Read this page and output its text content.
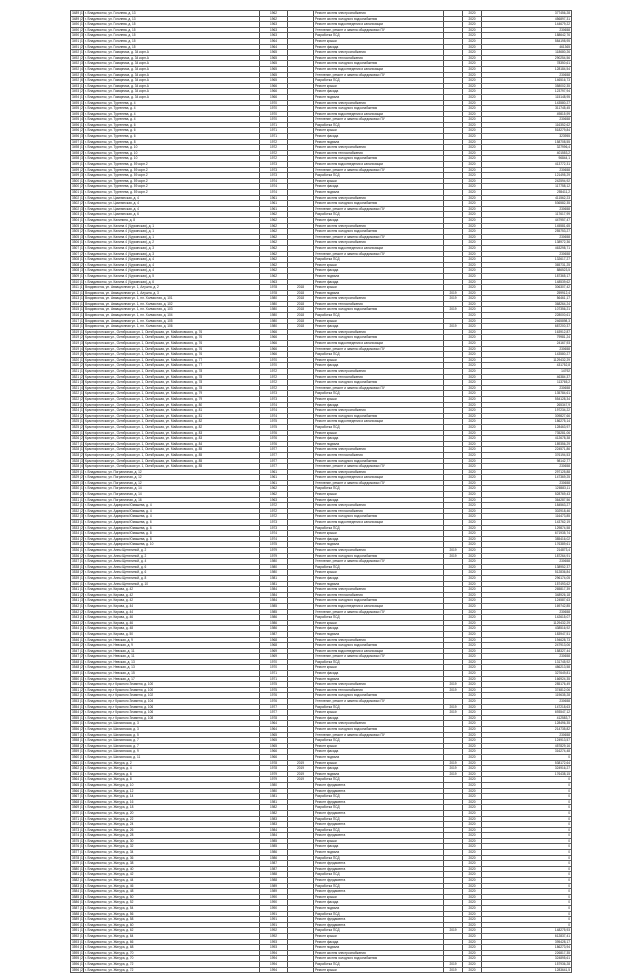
3489 (1)	г. Владивосток, ул. Гоголева, д. 13	1962		Ремонт систем электроснабжения		2020	377456,28
3489 (2)	г. Владивосток, ул. Гоголева, д. 13	1962		Ремонт систем холодного водоснабжения		2020	456897,31
3490 (1)	г. Владивосток, ул. Гоголева, д. 15	1963		Ремонт систем водоотведения и канализации		2020	144679,22
3490 (2)	г. Владивосток, ул. Гоголева, д. 15	1963		Утепление, ремонт и замена общедомовых ПУ		2020	230658
3490 (3)	г. Владивосток, ул. Гоголева, д. 15	1963		Разработка ПСД		2020	188642,76
3491 (1)	г. Владивосток, ул. Гоголева, д. 15	1964		Ремонт крыши		2020	584198,95
3491 (2)	г. Владивосток, ул. Гоголева, д. 15	1964		Ремонт фасада		2020	461365
3492 (1)	г. Владивосток, ул. Гамарника, д. 34 корп.А	1965		Ремонт систем электроснабжения		2020	118680,26
3492 (2)	г. Владивосток, ул. Гамарника, д. 34 корп.А	1965		Ремонт систем теплоснабжения		2020	290254,56
3492 (3)	г. Владивосток, ул. Гамарника, д. 34 корп.А	1965		Ремонт систем холодного водоснабжения		2020	78350,61
3492 (4)	г. Владивосток, ул. Гамарника, д. 34 корп.А	1965		Ремонт систем водоотведения и канализации		2020	128184,54
3492 (5)	г. Владивосток, ул. Гамарника, д. 34 корп.А	1965		Утепление, ремонт и замена общедомовых ПУ		2020	230658
3492 (6)	г. Владивосток, ул. Гамарника, д. 34 корп.А	1965		Разработка ПСД		2020	146516,73
3493 (1)	г. Владивосток, ул. Гамарника, д. 34 корп.А	1966		Ремонт крыши		2020	358002,35
3493 (2)	г. Владивосток, ул. Гамарника, д. 34 корп.А	1966		Ремонт фасада		2020	123797,94
3494 (1)	г. Владивосток, ул. Гамарника, д. 34 корп.А	1966		Ремонт подвала		2020	115148,95
3495 (1)	г. Владивосток, ул. Тургенева, д. 4	1970		Ремонт систем электроснабжения		2020	143580,27
3495 (2)	г. Владивосток, ул. Тургенева, д. 4	1970		Ремонт систем холодного водоснабжения		2020	311745,45
3495 (3)	г. Владивосток, ул. Тургенева, д. 4	1970		Ремонт систем водоотведения и канализации		2020	49815,99
3495 (4)	г. Владивосток, ул. Тургенева, д. 4	1970		Утепление, ремонт и замена общедомовых ПУ		2020	230658
3496 (1)	г. Владивосток, ул. Тургенева, д. 6	1971		Разработка ПСД		2020	116352,62
3496 (2)	г. Владивосток, ул. Тургенева, д. 6	1971		Ремонт крыши		2020	518279,84
3496 (3)	г. Владивосток, ул. Тургенева, д. 6	1971		Ремонт фасада		2020	323955
3497 (1)	г. Владивосток, ул. Тургенева, д. 8	1972		Ремонт подвала		2020	158708,55
3498 (1)	г. Владивосток, ул. Тургенева, д. 10	1972		Ремонт систем электроснабжения		2020	327996,4
3498 (2)	г. Владивосток, ул. Тургенева, д. 10	1972		Ремонт систем теплоснабжения		2020	401553,2
3498 (3)	г. Владивосток, ул. Тургенева, д. 10	1972		Ремонт систем холодного водоснабжения		2020	96844,1
3499 (1)	г. Владивосток, ул. Тургенева, д. 59 корп.2	1973		Ремонт систем водоотведения и канализации		2020	413772,31
3499 (2)	г. Владивосток, ул. Тургенева, д. 59 корп.2	1973		Утепление, ремонт и замена общедомовых ПУ		2020	230658
3499 (3)	г. Владивосток, ул. Тургенева, д. 59 корп.2	1973		Разработка ПСД		2020	121495,29
3500 (1)	г. Владивосток, ул. Тургенева, д. 59 корп.2	1974		Ремонт крыши		2020	242594,92
3500 (2)	г. Владивосток, ул. Тургенева, д. 59 корп.2	1974		Ремонт фасада		2020	117758,12
3501 (1)	г. Владивосток, ул. Тургенева, д. 59 корп.2	1974		Ремонт подвала		2020	255411,2
3502 (1)	г. Владивосток, ул. Цимлянская, д. 4	1961		Ремонт систем электроснабжения		2020	411562,23
3502 (2)	г. Владивосток, ул. Цимлянская, д. 4	1961		Ремонт систем холодного водоснабжения		2020	536582,35
3502 (3)	г. Владивосток, ул. Цимлянская, д. 4	1961		Утепление, ремонт и замена общедомовых ПУ		2020	230658
3503 (1)	г. Владивосток, ул. Цимлянская, д. 6	1962		Разработка ПСД		2020	117617,99
3504 (1)	г. Владивосток, ул. Калинина, д. 8	1962		Ремонт фасада		2020	447957,47
3505 (1)	г. Владивосток, ул. Калина 4 (Чуркинская), д. 1	1962		Ремонт систем электроснабжения		2020	145581,65
3505 (2)	г. Владивосток, ул. Калина 4 (Чуркинская), д. 1	1962		Ремонт систем холодного водоснабжения		2020	255753,27
3505 (3)	г. Владивосток, ул. Калина 4 (Чуркинская), д. 1	1962		Утепление, ремонт и замена общедомовых ПУ		2020	230658
3506 (1)	г. Владивосток, ул. Калина 4 (Чуркинская), д. 2	1962		Ремонт систем электроснабжения		2020	138972,36
3507 (1)	г. Владивосток, ул. Калина 4 (Чуркинская), д. 3	1962		Ремонт систем водоотведения и канализации		2020	463298,71
3507 (2)	г. Владивосток, ул. Калина 4 (Чуркинская), д. 3	1962		Утепление, ремонт и замена общедомовых ПУ		2020	230658
3508 (1)	г. Владивосток, ул. Калина 4 (Чуркинская), д. 4	1962		Разработка ПСД		2020	132617,27
3508 (2)	г. Владивосток, ул. Калина 4 (Чуркинская), д. 4	1962		Ремонт крыши		2020	365731,25
3508 (3)	г. Владивосток, ул. Калина 4 (Чуркинская), д. 4	1962		Ремонт фасада		2020	886523,5
3509 (1)	г. Владивосток, ул. Калина 4 (Чуркинская), д. 5	1962		Ремонт подвала		2020	187365,17
3510 (1)	г. Владивосток, ул. Калина 4 (Чуркинская), д. 6	1963		Ремонт фасада		2020	148539,62
3511 (1)	Владивосток, ул. Авиационная ул. 1, Алушта, д. 2	1978	2018	Ремонт крыши		2020	306307,42
3512 (1)	Владивосток, ул. Авиационная ул. 1, Алушта, д. 3	1978	2018	Ремонт подвала	2019	2020	259912,4
3513 (1)	Владивосток, ул. Авиационная ул. 1, пл. Холмистая, д. 101	1980	2018	Ремонт систем электроснабжения	2019	2020	56461,17
3514 (1)	Владивосток, ул. Авиационная ул. 1, пл. Холмистая, д. 102	1980	2018	Ремонт систем теплоснабжения		2020	368264,24
3515 (1)	Владивосток, ул. Авиационная ул. 1, пл. Холмистая, д. 103	1980	2018	Ремонт систем холодного водоснабжения	2019	2020	107356,21
3516 (1)	Владивосток, ул. Авиационная ул. 1, пл. Холмистая, д. 104	1980	2018	Разработка ПСД		2020	228000,61
3517 (1)	Владивосток, ул. Авиационная ул. 1, пл. Холмистая, д. 105	1980	2018	Ремонт крыши		2020	2465898,3
3518 (1)	Владивосток, ул. Авиационная ул. 1, пл. Холмистая, д. 106	1980	2018	Ремонт фасада	2019	2020	687200,37
3519 (1)	Краснофлотская ул., Октябрьская ул. 1, Октябрьская, ул. Майкоповского, д. 76	1966		Ремонт систем электроснабжения		2020	163912,87
3519 (2)	Краснофлотская ул., Октябрьская ул. 1, Октябрьская, ул. Майкоповского, д. 76	1966		Ремонт систем холодного водоснабжения		2020	79981,24
3519 (3)	Краснофлотская ул., Октябрьская ул. 1, Октябрьская, ул. Майкоповского, д. 76	1966		Ремонт систем водоотведения и канализации		2020	24167,93
3519 (4)	Краснофлотская ул., Октябрьская ул. 1, Октябрьская, ул. Майкоповского, д. 76	1966		Утепление, ремонт и замена общедомовых ПУ		2020	230658
3519 (5)	Краснофлотская ул., Октябрьская ул. 1, Октябрьская, ул. Майкоповского, д. 76	1966		Разработка ПСД		2020	143580,27
3520 (1)	Краснофлотская ул., Октябрьская ул. 1, Октябрьская, ул. Майкоповского, д. 77	1970		Ремонт крыши		2020	1129432,29
3520 (2)	Краснофлотская ул., Октябрьская ул. 1, Октябрьская, ул. Майкоповского, д. 77	1970		Ремонт фасада		2020	431752,8
3521 (1)	Краснофлотская ул., Октябрьская ул. 1, Октябрьская, ул. Майкоповского, д. 78	1972		Ремонт систем электроснабжения		2020	14792
3521 (2)	Краснофлотская ул., Октябрьская ул. 1, Октябрьская, ул. Майкоповского, д. 78	1972		Ремонт систем теплоснабжения		2020	46384,37
3521 (3)	Краснофлотская ул., Октябрьская ул. 1, Октябрьская, ул. Майкоповского, д. 78	1972		Ремонт систем холодного водоснабжения		2020	113765,2
3521 (4)	Краснофлотская ул., Октябрьская ул. 1, Октябрьская, ул. Майкоповского, д. 78	1972		Утепление, ремонт и замена общедомовых ПУ		2020	230658
3522 (1)	Краснофлотская ул., Октябрьская ул. 1, Октябрьская, ул. Майкоповского, д. 79	1973		Разработка ПСД		2020	135784,61
3522 (2)	Краснофлотская ул., Октябрьская ул. 1, Октябрьская, ул. Майкоповского, д. 79	1973		Ремонт крыши		2020	554128,34
3523 (1)	Краснофлотская ул., Октябрьская ул. 1, Октябрьская, ул. Майкоповского, д. 80	1974		Ремонт фасада		2020	265347,9
3524 (1)	Краснофлотская ул., Октябрьская ул. 1, Октябрьская, ул. Майкоповского, д. 81	1974		Ремонт систем электроснабжения		2020	197234,22
3524 (2)	Краснофлотская ул., Октябрьская ул. 1, Октябрьская, ул. Майкоповского, д. 81	1974		Ремонт систем холодного водоснабжения		2020	309827,66
3525 (1)	Краснофлотская ул., Октябрьская ул. 1, Октябрьская, ул. Майкоповского, д. 82	1975		Ремонт систем водоотведения и канализации		2020	186275,14
3525 (2)	Краснофлотская ул., Октябрьская ул. 1, Октябрьская, ул. Майкоповского, д. 82	1975		Разработка ПСД		2020	128463,97
3526 (1)	Краснофлотская ул., Октябрьская ул. 1, Октябрьская, ул. Майкоповского, д. 83	1976		Ремонт крыши		2020	735281,06
3526 (2)	Краснофлотская ул., Октябрьская ул. 1, Октябрьская, ул. Майкоповского, д. 83	1976		Ремонт фасада		2020	412678,38
3527 (1)	Краснофлотская ул., Октябрьская ул. 1, Октябрьская, ул. Майкоповского, д. 84	1976		Ремонт подвала		2020	189356,29
3528 (1)	Краснофлотская ул., Октябрьская ул. 1, Октябрьская, ул. Майкоповского, д. 85	1977		Ремонт систем электроснабжения		2020	224571,86
3528 (2)	Краснофлотская ул., Октябрьская ул. 1, Октябрьская, ул. Майкоповского, д. 85	1977		Ремонт систем теплоснабжения		2020	376194,53
3528 (3)	Краснофлотская ул., Октябрьская ул. 1, Октябрьская, ул. Майкоповского, д. 85	1977		Ремонт систем холодного водоснабжения		2020	98142,77
3528 (4)	Краснофлотская ул., Октябрьская ул. 1, Октябрьская, ул. Майкоповского, д. 85	1977		Утепление, ремонт и замена общедомовых ПУ		2020	230658
3529 (1)	г. Владивосток, ул. Пограничная, д. 12	1961		Ремонт систем электроснабжения		2020	297125,88
3529 (2)	г. Владивосток, ул. Пограничная, д. 12	1961		Ремонт систем водоотведения и канализации		2020	147369,25
3529 (3)	г. Владивосток, ул. Пограничная, д. 12	1961		Утепление, ремонт и замена общедомовых ПУ		2020	230658
3530 (1)	г. Владивосток, ул. Пограничная, д. 14	1962		Разработка ПСД		2020	126583,11
3530 (2)	г. Владивосток, ул. Пограничная, д. 14	1962		Ремонт крыши		2020	528769,43
3531 (1)	г. Владивосток, ул. Пограничная, д. 16	1963		Ремонт фасада		2020	364287,56
3532 (1)	г. Владивосток, ул. Адмирала Юмашева, д. 4	1972		Ремонт систем электроснабжения		2020	184563,27
3532 (2)	г. Владивосток, ул. Адмирала Юмашева, д. 4	1972		Ремонт систем теплоснабжения		2020	302918,46
3532 (3)	г. Владивосток, ул. Адмирала Юмашева, д. 4	1972		Ремонт систем холодного водоснабжения		2020	116473,85
3533 (1)	г. Владивосток, ул. Адмирала Юмашева, д. 6	1973		Ремонт систем водоотведения и канализации		2020	143762,19
3533 (2)	г. Владивосток, ул. Адмирала Юмашева, д. 6	1973		Разработка ПСД		2020	129874,58
3534 (1)	г. Владивосток, ул. Адмирала Юмашева, д. 8	1974		Ремонт крыши		2020	671935,74
3534 (2)	г. Владивосток, ул. Адмирала Юмашева, д. 8	1974		Ремонт фасада		2020	385416,02
3535 (1)	г. Владивосток, ул. Адмирала Юмашева, д. 10	1975		Ремонт подвала		2020	176389,61
3536 (1)	г. Владивосток, ул. Анны Щетининой, д. 2	1979		Ремонт систем электроснабжения	2019	2020	214873,4
3536 (2)	г. Владивосток, ул. Анны Щетининой, д. 2	1979		Ремонт систем холодного водоснабжения	2019	2020	187264,91
3537 (1)	г. Владивосток, ул. Анны Щетининой, д. 4	1980		Утепление, ремонт и замена общедомовых ПУ		2020	230658
3538 (1)	г. Владивосток, ул. Анны Щетининой, д. 6	1980		Разработка ПСД		2020	138952,37
3538 (2)	г. Владивосток, ул. Анны Щетининой, д. 6	1980		Ремонт крыши		2020	512836,84
3539 (1)	г. Владивосток, ул. Анны Щетининой, д. 8	1981		Ремонт фасада		2020	296174,05
3540 (1)	г. Владивосток, ул. Анны Щетининой, д. 10	1981		Ремонт подвала		2020	157493,62
3541 (1)	г. Владивосток, ул. Кирова, д. 42	1984		Ремонт систем электроснабжения		2020	265817,39
3541 (2)	г. Владивосток, ул. Кирова, д. 42	1984		Ремонт систем теплоснабжения		2020	348926,18
3541 (3)	г. Владивосток, ул. Кирова, д. 42	1984		Ремонт систем холодного водоснабжения		2020	124587,63
3542 (1)	г. Владивосток, ул. Кирова, д. 44	1985		Ремонт систем водоотведения и канализации		2020	169742,85
3542 (2)	г. Владивосток, ул. Кирова, д. 44	1985		Утепление, ремонт и замена общедомовых ПУ		2020	230658
3543 (1)	г. Владивосток, ул. Кирова, д. 46	1986		Разработка ПСД		2020	142615,07
3543 (2)	г. Владивосток, ул. Кирова, д. 46	1986		Ремонт крыши		2020	1129432,29
3544 (1)	г. Владивосток, ул. Кирова, д. 48	1986		Ремонт фасада		2020	438516,92
3545 (1)	г. Владивосток, ул. Кирова, д. 50	1987		Ремонт подвала		2020	183947,51
3546 (1)	г. Владивосток, ул. Невская, д. 9	1968		Ремонт систем электроснабжения		2020	194628,73
3546 (2)	г. Владивосток, ул. Невская, д. 9	1968		Ремонт систем холодного водоснабжения		2020	247913,06
3547 (1)	г. Владивосток, ул. Невская, д. 11	1969		Ремонт систем водоотведения и канализации		2020	158327,44
3547 (2)	г. Владивосток, ул. Невская, д. 11	1969		Утепление, ремонт и замена общедомовых ПУ		2020	230658
3548 (1)	г. Владивосток, ул. Невская, д. 13	1970		Разработка ПСД		2020	131745,92
3548 (2)	г. Владивосток, ул. Невская, д. 13	1970		Ремонт крыши		2020	486213,58
3549 (1)	г. Владивосток, ул. Невская, д. 15	1971		Ремонт фасада		2020	327649,81
3550 (1)	г. Владивосток, ул. Невская, д. 17	1971		Ремонт подвала		2020	166924,35
3551 (1)	г. Владивосток, пр-т Красного Знамени, д. 100	1975		Ремонт систем электроснабжения	2019	2020	285176,49
3551 (2)	г. Владивосток, пр-т Красного Знамени, д. 100	1975		Ремонт систем теплоснабжения	2019	2020	374812,06
3552 (1)	г. Владивосток, пр-т Красного Знамени, д. 102	1976		Ремонт систем холодного водоснабжения		2020	119635,28
3553 (1)	г. Владивосток, пр-т Красного Знамени, д. 104	1976		Утепление, ремонт и замена общедомовых ПУ		2020	230658
3554 (1)	г. Владивосток, пр-т Красного Знамени, д. 106	1977		Разработка ПСД	2019	2020	147218,63
3554 (2)	г. Владивосток, пр-т Красного Знамени, д. 106	1977		Ремонт крыши	2019	2020	693547,12
3555 (1)	г. Владивосток, пр-т Красного Знамени, д. 108	1978		Ремонт фасада		2020	412583,7
3556 (1)	г. Владивосток, ул. Шилкинская, д. 3	1964		Ремонт систем электроснабжения		2020	128496,35
3556 (2)	г. Владивосток, ул. Шилкинская, д. 3	1964		Ремонт систем холодного водоснабжения		2020	214735,82
3557 (1)	г. Владивосток, ул. Шилкинская, д. 5	1965		Утепление, ремонт и замена общедомовых ПУ		2020	230658
3558 (1)	г. Владивосток, ул. Шилкинская, д. 7	1965		Разработка ПСД		2020	124913,57
3558 (2)	г. Владивосток, ул. Шилкинская, д. 7	1965		Ремонт крыши		2020	457829,16
3559 (1)	г. Владивосток, ул. Шилкинская, д. 9	1966		Ремонт фасада		2020	316274,48
3560 (1)	г. Владивосток, ул. Шилкинская, д. 11	1966		Ремонт подвала		2020	0
3561 (1)	г. Владивосток, ул. Жигура, д. 2	1978	2019	Ремонт крыши	2019	2020	538172,64
3562 (1)	г. Владивосток, ул. Жигура, д. 4	1978	2019	Ремонт фасада	2019	2020	324916,27
3563 (1)	г. Владивосток, ул. Жигура, д. 6	1979	2019	Ремонт подвала	2019	2020	176438,15
3564 (1)	г. Владивосток, ул. Жигура, д. 8	1979	2019	Разработка ПСД		2020	0
3565 (1)	г. Владивосток, ул. Жигура, д. 10	1980		Ремонт фундамента		2020	0
3566 (1)	г. Владивосток, ул. Жигура, д. 12	1980		Ремонт фундамента		2020	0
3567 (1)	г. Владивосток, ул. Жигура, д. 14	1981		Разработка ПСД		2020	0
3568 (1)	г. Владивосток, ул. Жигура, д. 16	1981		Ремонт фундамента		2020	0
3569 (1)	г. Владивосток, ул. Жигура, д. 18	1982		Разработка ПСД		2020	0
3570 (1)	г. Владивосток, ул. Жигура, д. 20	1982		Ремонт фундамента		2020	0
3571 (1)	г. Владивосток, ул. Жигура, д. 22	1983		Разработка ПСД		2020	0
3572 (1)	г. Владивосток, ул. Жигура, д. 24	1983		Ремонт фундамента		2020	0
3573 (1)	г. Владивосток, ул. Жигура, д. 26	1984		Разработка ПСД		2020	0
3574 (1)	г. Владивосток, ул. Жигура, д. 28	1984		Ремонт фундамента		2020	0
3575 (1)	г. Владивосток, ул. Жигура, д. 30	1985		Ремонт крыши		2020	0
3576 (1)	г. Владивосток, ул. Жигура, д. 32	1985		Ремонт фасада		2020	0
3577 (1)	г. Владивосток, ул. Жигура, д. 34	1986		Ремонт подвала		2020	0
3578 (1)	г. Владивосток, ул. Жигура, д. 36	1986		Разработка ПСД		2020	0
3579 (1)	г. Владивосток, ул. Жигура, д. 38	1987		Ремонт фундамента		2020	0
3580 (1)	г. Владивосток, ул. Жигура, д. 40	1987		Ремонт фундамента		2020	0
3581 (1)	г. Владивосток, ул. Жигура, д. 42	1988		Разработка ПСД		2020	0
3582 (1)	г. Владивосток, ул. Жигура, д. 44	1988		Ремонт фундамента		2020	0
3583 (1)	г. Владивосток, ул. Жигура, д. 46	1989		Разработка ПСД		2020	0
3584 (1)	г. Владивосток, ул. Жигура, д. 48	1989		Ремонт фундамента		2020	0
3585 (1)	г. Владивосток, ул. Жигура, д. 50	1990		Ремонт крыши		2020	0
3586 (1)	г. Владивосток, ул. Жигура, д. 52	1990		Ремонт фасада		2020	0
3587 (1)	г. Владивосток, ул. Жигура, д. 54	1990		Ремонт подвала		2020	0
3588 (1)	г. Владивосток, ул. Жигура, д. 56	1991		Разработка ПСД		2020	0
3589 (1)	г. Владивосток, ул. Жигура, д. 58	1991		Ремонт фундамента		2020	0
3590 (1)	г. Владивосток, ул. Жигура, д. 60	1991		Ремонт фундамента		2020	0
3591 (1)	г. Владивосток, ул. Жигура, д. 62	1992		Разработка ПСД	2019	2020	148275,93
3592 (1)	г. Владивосток, ул. Жигура, д. 64	1992		Ремонт крыши		2020	612837,41
3593 (1)	г. Владивосток, ул. Жигура, д. 66	1993		Ремонт фасада		2020	395428,17
3594 (1)	г. Владивосток, ул. Жигура, д. 68	1993		Ремонт подвала		2020	186273,94
3595 (1)	г. Владивосток, ул. Жигура, д. 70	1994		Ремонт систем электроснабжения		2020	226817,35
3595 (2)	г. Владивосток, ул. Жигура, д. 70	1994		Ремонт систем холодного водоснабжения		2020	324895,61
3596 (1)	г. Владивосток, ул. Жигура, д. 72	1994		Разработка ПСД	2019	2020	157936,28
3596 (2)	г. Владивосток, ул. Жигура, д. 72	1994		Ремонт крыши	2019	2020	1283641,5
